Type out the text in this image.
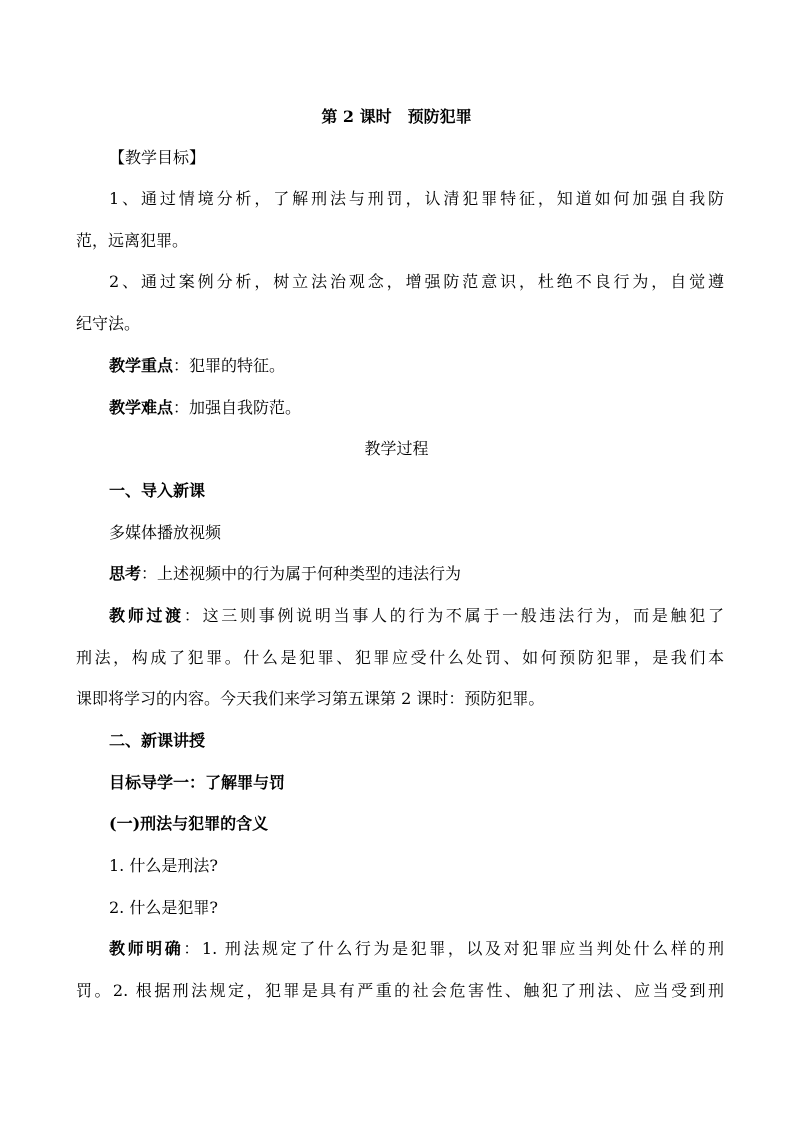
第 2 课时　预防犯罪
【教学目标】
1、通过情境分析，了解刑法与刑罚，认清犯罪特征，知道如何加强自我防
范，远离犯罪。
2、通过案例分析，树立法治观念，增强防范意识，杜绝不良行为，自觉遵
纪守法。
教学重点：犯罪的特征。
教学难点：加强自我防范。
教学过程
一、导入新课
多媒体播放视频
思考：上述视频中的行为属于何种类型的违法行为
教师过渡：这三则事例说明当事人的行为不属于一般违法行为，而是触犯了
刑法，构成了犯罪。什么是犯罪、犯罪应受什么处罚、如何预防犯罪，是我们本
课即将学习的内容。今天我们来学习第五课第 2 课时：预防犯罪。
二、新课讲授
目标导学一：了解罪与罚
(一)刑法与犯罪的含义
1. 什么是刑法?
2. 什么是犯罪?
教师明确：1. 刑法规定了什么行为是犯罪，以及对犯罪应当判处什么样的刑
罚。2. 根据刑法规定，犯罪是具有严重的社会危害性、触犯了刑法、应当受到刑
